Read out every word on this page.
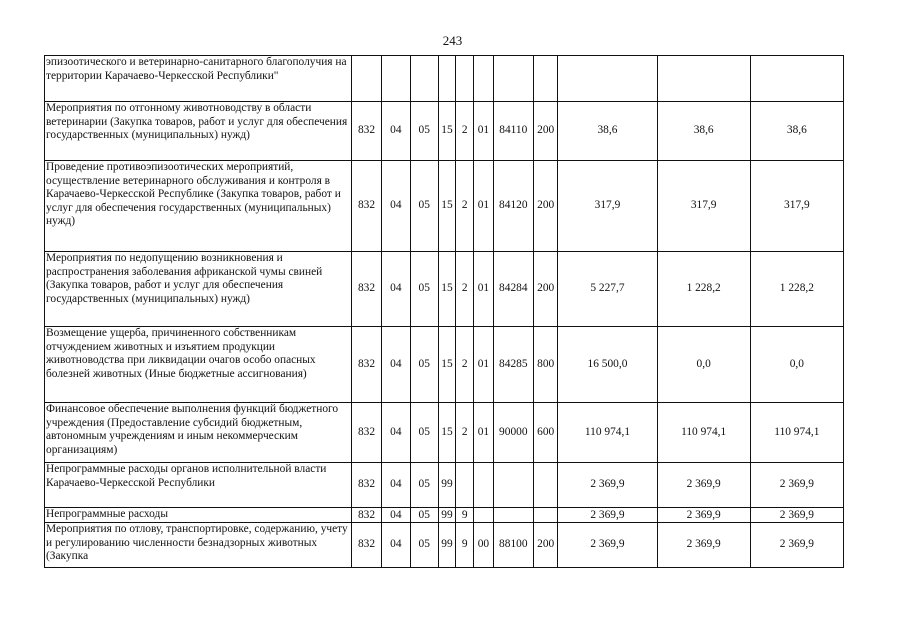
243
эпизоотического и ветеринарно-санитарного благополучия на территории Карачаево-Черкесской Республики"											
Мероприятия по отгонному животноводству в области ветеринарии (Закупка товаров, работ и услуг для обеспечения государственных (муниципальных) нужд)	832	04	05	15	2	01	84110	200	38,6	38,6	38,6
Проведение противоэпизоотических мероприятий, осуществление ветеринарного обслуживания и контроля в Карачаево-Черкесской Республике (Закупка товаров, работ и услуг для обеспечения государственных (муниципальных) нужд)	832	04	05	15	2	01	84120	200	317,9	317,9	317,9
Мероприятия по недопущению возникновения и распространения заболевания африканской чумы свиней (Закупка товаров, работ и услуг для обеспечения государственных (муниципальных) нужд)	832	04	05	15	2	01	84284	200	5 227,7	1 228,2	1 228,2
Возмещение ущерба, причиненного собственникам отчуждением животных и изъятием продукции животноводства при ликвидации очагов особо опасных болезней животных (Иные бюджетные ассигнования)	832	04	05	15	2	01	84285	800	16 500,0	0,0	0,0
Финансовое обеспечение выполнения функций бюджетного учреждения (Предоставление субсидий бюджетным, автономным учреждениям и иным некоммерческим организациям)	832	04	05	15	2	01	90000	600	110 974,1	110 974,1	110 974,1
Непрограммные расходы органов исполнительной власти Карачаево-Черкесской Республики	832	04	05	99					2 369,9	2 369,9	2 369,9
Непрограммные расходы	832	04	05	99	9				2 369,9	2 369,9	2 369,9
Мероприятия по отлову, транспортировке, содержанию, учету и регулированию численности безнадзорных животных (Закупка	832	04	05	99	9	00	88100	200	2 369,9	2 369,9	2 369,9
